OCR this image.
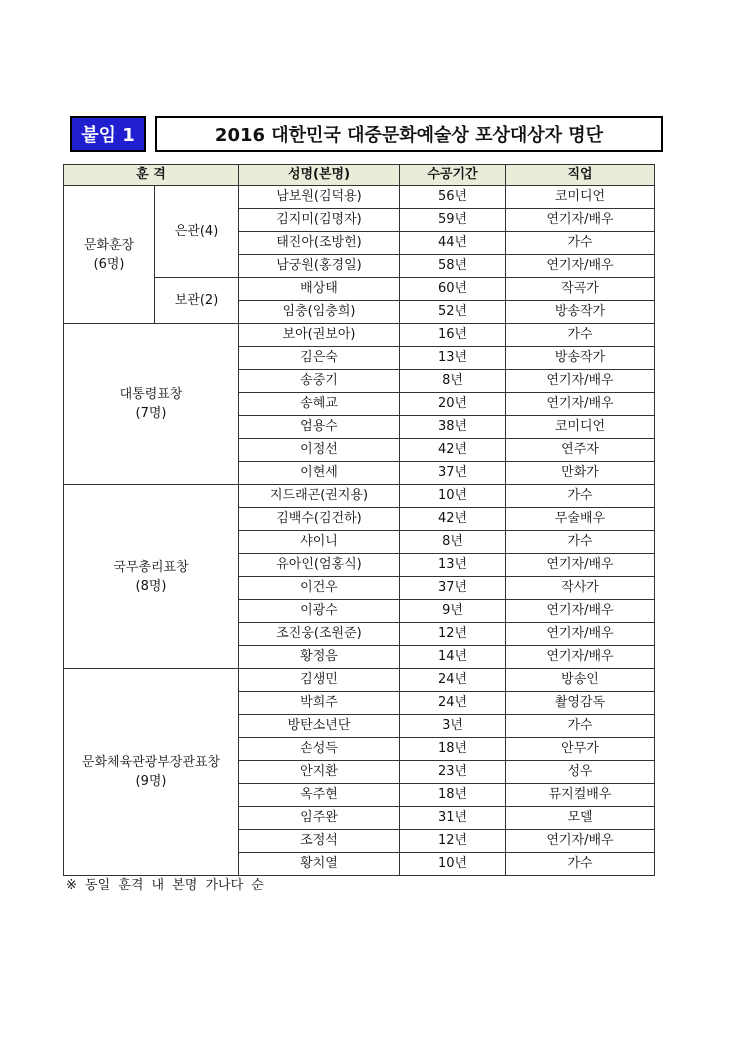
붙임 1	2016 대한민국 대중문화예술상 포상대상자 명단
훈 격		성명(본명)	수공기간	직업

문화훈장
(6명)	은관(4)	남보원(김덕용)	56년	코미디언
		김지미(김명자)	59년	연기자/배우
		태진아(조방헌)	44년	가수
		남궁원(홍경일)	58년	연기자/배우
	보관(2)	배상태	60년	작곡가
		임충(임충희)	52년	방송작가

대통령표창
(7명)		보아(권보아)	16년	가수
		김은숙	13년	방송작가
		송중기	8년	연기자/배우
		송혜교	20년	연기자/배우
		엄용수	38년	코미디언
		이정선	42년	연주자
		이현세	37년	만화가

국무총리표창
(8명)		지드래곤(권지용)	10년	가수
		김백수(김건하)	42년	무술배우
		샤이니	8년	가수
		유아인(엄홍식)	13년	연기자/배우
		이건우	37년	작사가
		이광수	9년	연기자/배우
		조진웅(조원준)	12년	연기자/배우
		황정음	14년	연기자/배우

문화체육관광부장관표창
(9명)		김생민	24년	방송인
		박희주	24년	촬영감독
		방탄소년단	3년	가수
		손성득	18년	안무가
		안지환	23년	성우
		옥주현	18년	뮤지컬배우
		임주완	31년	모델
		조정석	12년	연기자/배우
		황치열	10년	가수
※ 동일 훈격 내 본명 가나다 순
